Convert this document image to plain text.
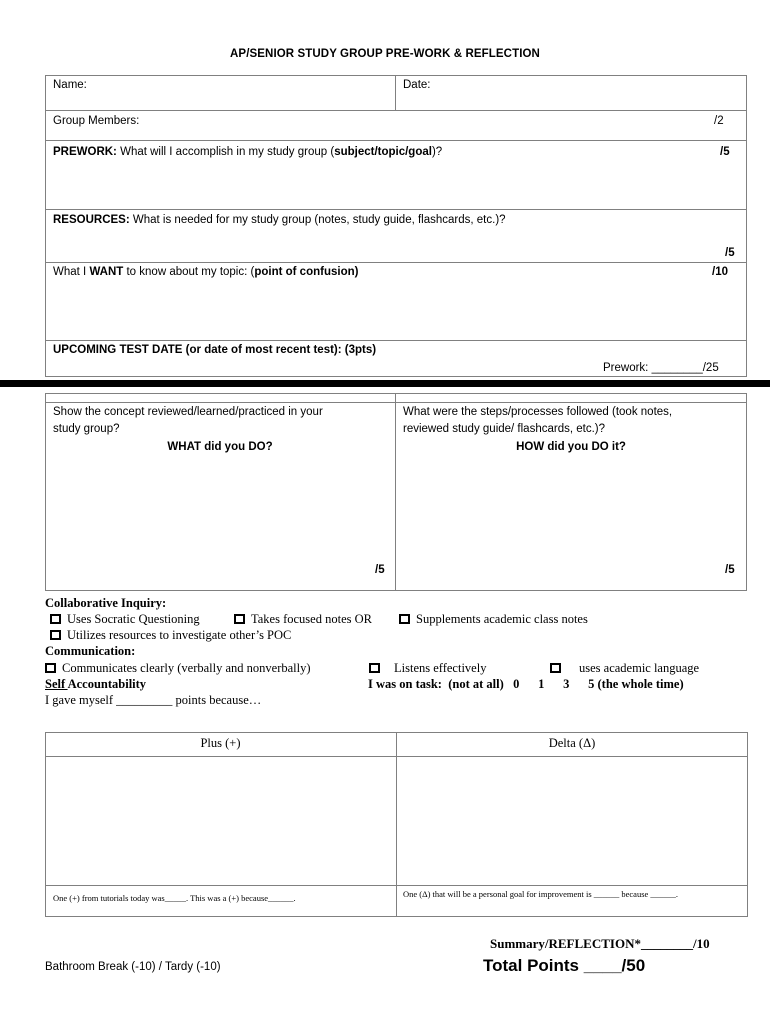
AP/SENIOR STUDY GROUP PRE-WORK & REFLECTION
Name:	Date:
Group Members:	/2
PREWORK: What will I accomplish in my study group (subject/topic/goal)?	/5
RESOURCES: What is needed for my study group (notes, study guide, flashcards, etc.)?
/5
What I WANT to know about my topic: (point of confusion)	/10
UPCOMING TEST DATE (or date of most recent test): (3pts)
Prework: ________/25
Show the concept reviewed/learned/practiced in your
study group?
WHAT did you DO?
/5
What were the steps/processes followed (took notes,
reviewed study guide/ flashcards, etc.)?
HOW did you DO it?
/5
Collaborative Inquiry:
Uses Socratic Questioning	Takes focused notes OR	Supplements academic class notes
Utilizes resources to investigate other’s POC
Communication:
Communicates clearly (verbally and nonverbally)	Listens effectively	uses academic language
Self Accountability	I was on task:  (not at all)   0      1      3      5 (the whole time)
I gave myself _________ points because…
Plus (+)	Delta (Δ)
One (+) from tutorials today was_____. This was a (+) because______.	One (Δ) that will be a personal goal for improvement is ______ because ______.
Summary/REFLECTION*________/10
Bathroom Break (-10) / Tardy (-10)	Total Points ____/50
